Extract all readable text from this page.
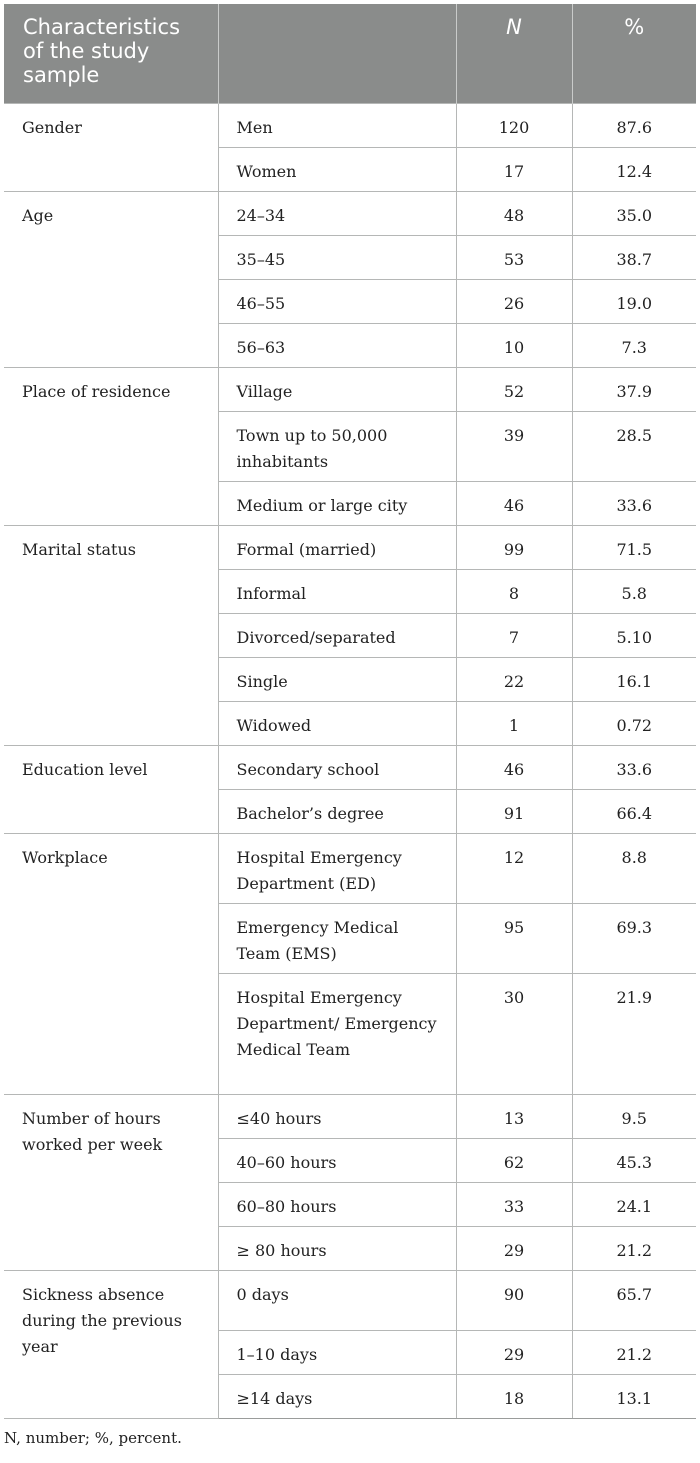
Characteristics of the study sample		N	%
Gender	Men	120	87.6
	Women	17	12.4
Age	24–34	48	35.0
	35–45	53	38.7
	46–55	26	19.0
	56–63	10	7.3
Place of residence	Village	52	37.9
	Town up to 50,000 inhabitants	39	28.5
	Medium or large city	46	33.6
Marital status	Formal (married)	99	71.5
	Informal	8	5.8
	Divorced/separated	7	5.10
	Single	22	16.1
	Widowed	1	0.72
Education level	Secondary school	46	33.6
	Bachelor’s degree	91	66.4
Workplace	Hospital Emergency Department (ED)	12	8.8
	Emergency Medical Team (EMS)	95	69.3
	Hospital Emergency Department/ Emergency Medical Team	30	21.9
Number of hours worked per week	≤40 hours	13	9.5
	40–60 hours	62	45.3
	60–80 hours	33	24.1
	≥ 80 hours	29	21.2
Sickness absence during the previous year	0 days	90	65.7
	1–10 days	29	21.2
	≥14 days	18	13.1
N, number; %, percent.
